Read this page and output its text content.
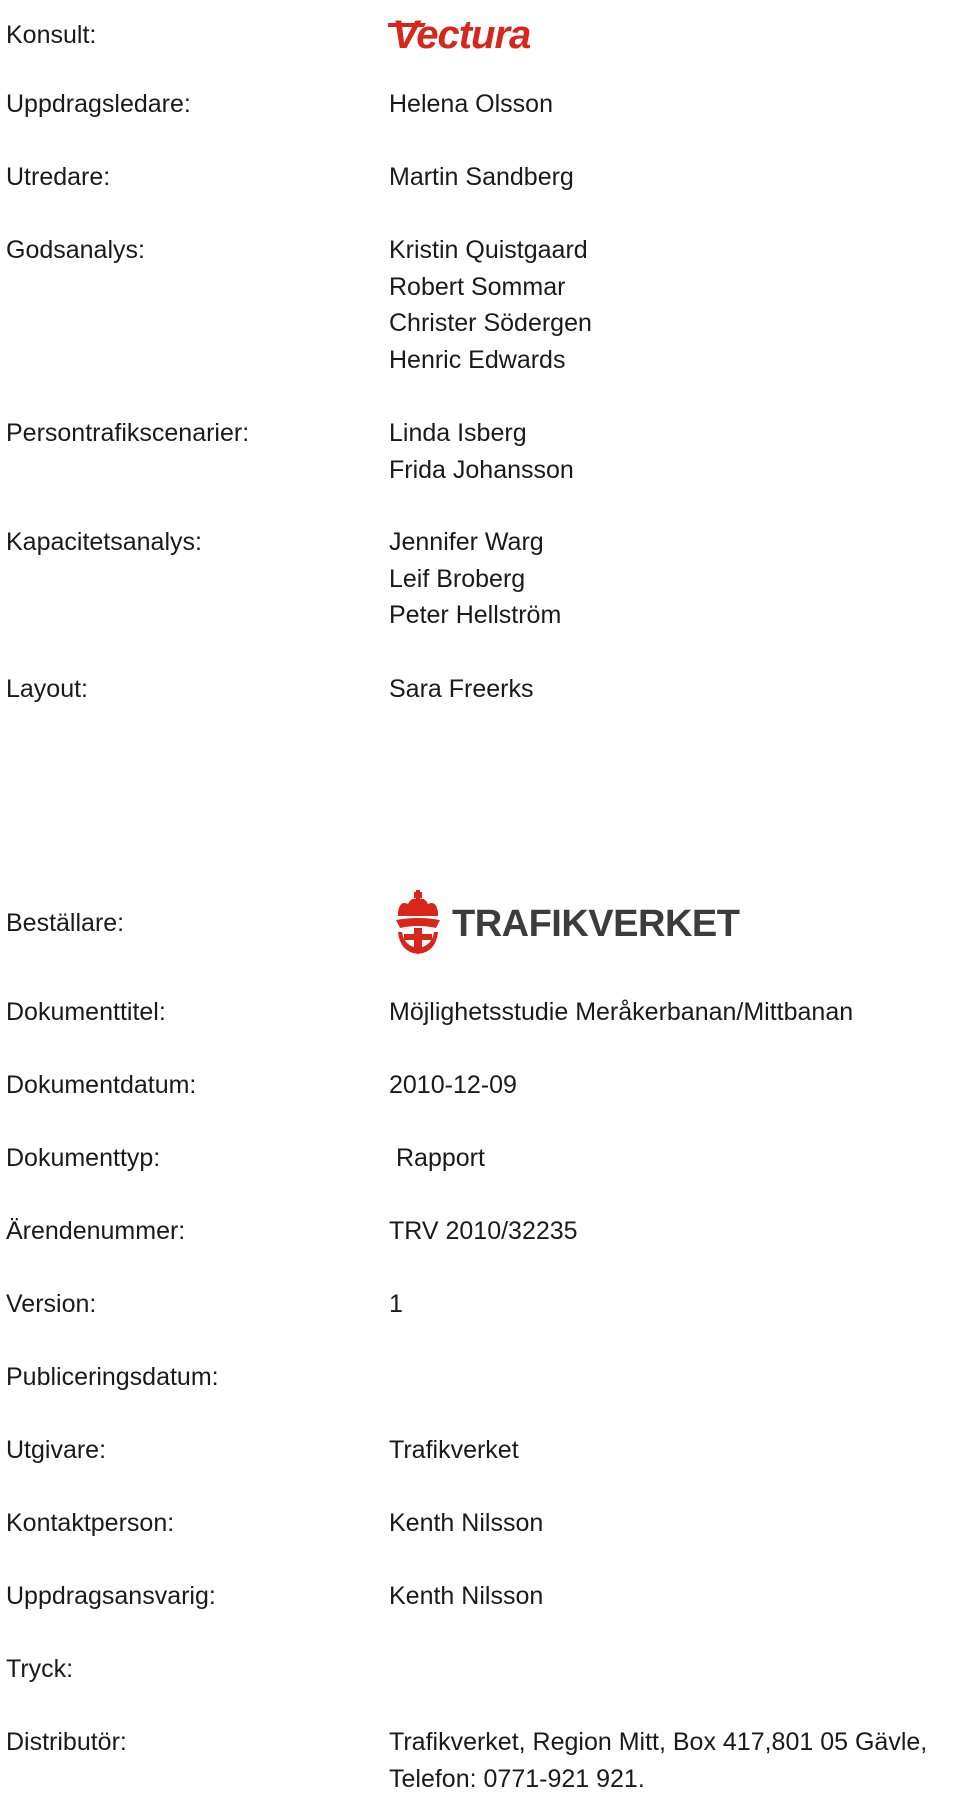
Konsult:	Vectura
Uppdragsledare:	Helena Olsson
Utredare:	Martin Sandberg
Godsanalys:	Kristin Quistgaard
Robert Sommar
Christer Södergen
Henric Edwards
Persontrafikscenarier:	Linda Isberg
Frida Johansson
Kapacitetsanalys:	Jennifer Warg
Leif Broberg
Peter Hellström
Layout:	Sara Freerks
Beställare:	TRAFIKVERKET
Dokumenttitel:	Möjlighetsstudie Meråkerbanan/Mittbanan
Dokumentdatum:	2010-12-09
Dokumenttyp:	Rapport
Ärendenummer:	TRV 2010/32235
Version:	1
Publiceringsdatum:
Utgivare:	Trafikverket
Kontaktperson:	Kenth Nilsson
Uppdragsansvarig:	Kenth Nilsson
Tryck:
Distributör:	Trafikverket, Region Mitt, Box 417,801 05 Gävle, Telefon: 0771-921 921.
